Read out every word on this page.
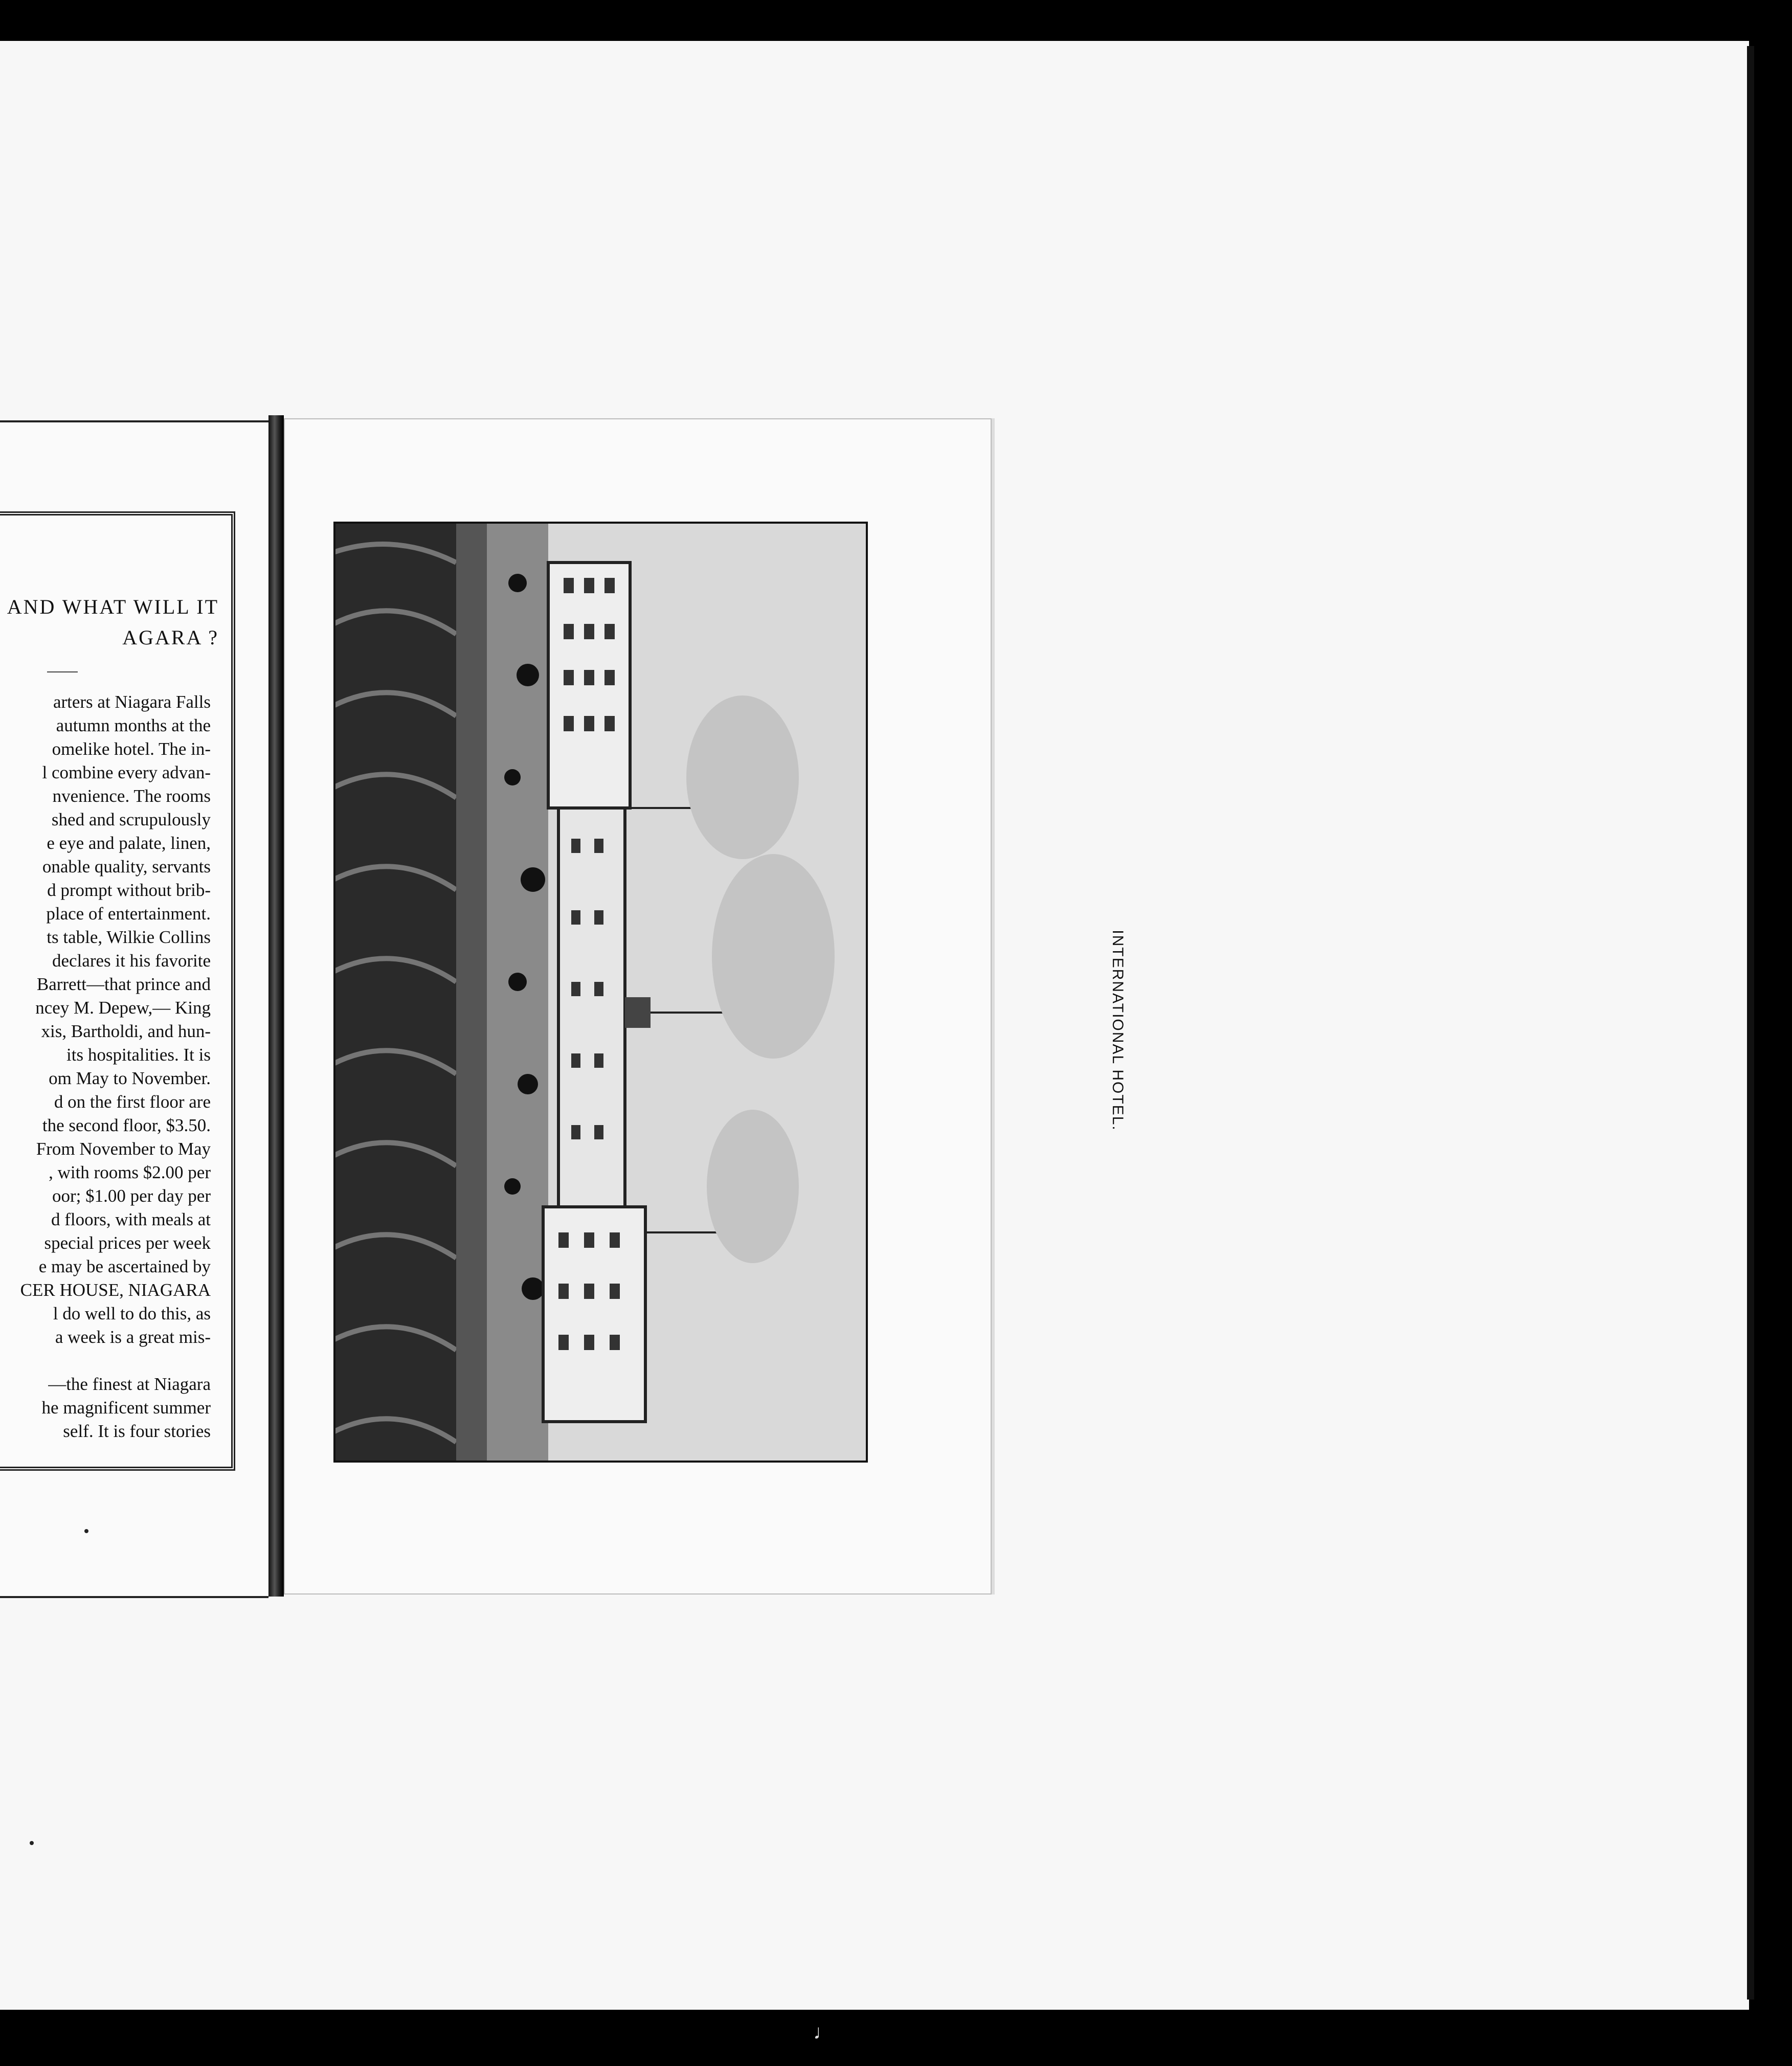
AND WHAT WILL IT
AGARA ?
arters at Niagara Falls
autumn months at the
omelike hotel. The in-
l combine every advan-
nvenience. The rooms
shed and scrupulously
e eye and palate, linen,
onable quality, servants
d prompt without brib-
place of entertainment.
ts table, Wilkie Collins
declares it his favorite
Barrett—that prince and
ncey M. Depew,— King
xis, Bartholdi, and hun-
its hospitalities. It is
om May to November.
d on the first floor are
the second floor, $3.50.
From November to May
, with rooms $2.00 per
oor; $1.00 per day per
d floors, with meals at
special prices per week
e may be ascertained by
CER HOUSE, NIAGARA
l do well to do this, as
a week is a great mis-
—the finest at Niagara
he magnificent summer
self. It is four stories
INTERNATIONAL HOTEL.
♩
